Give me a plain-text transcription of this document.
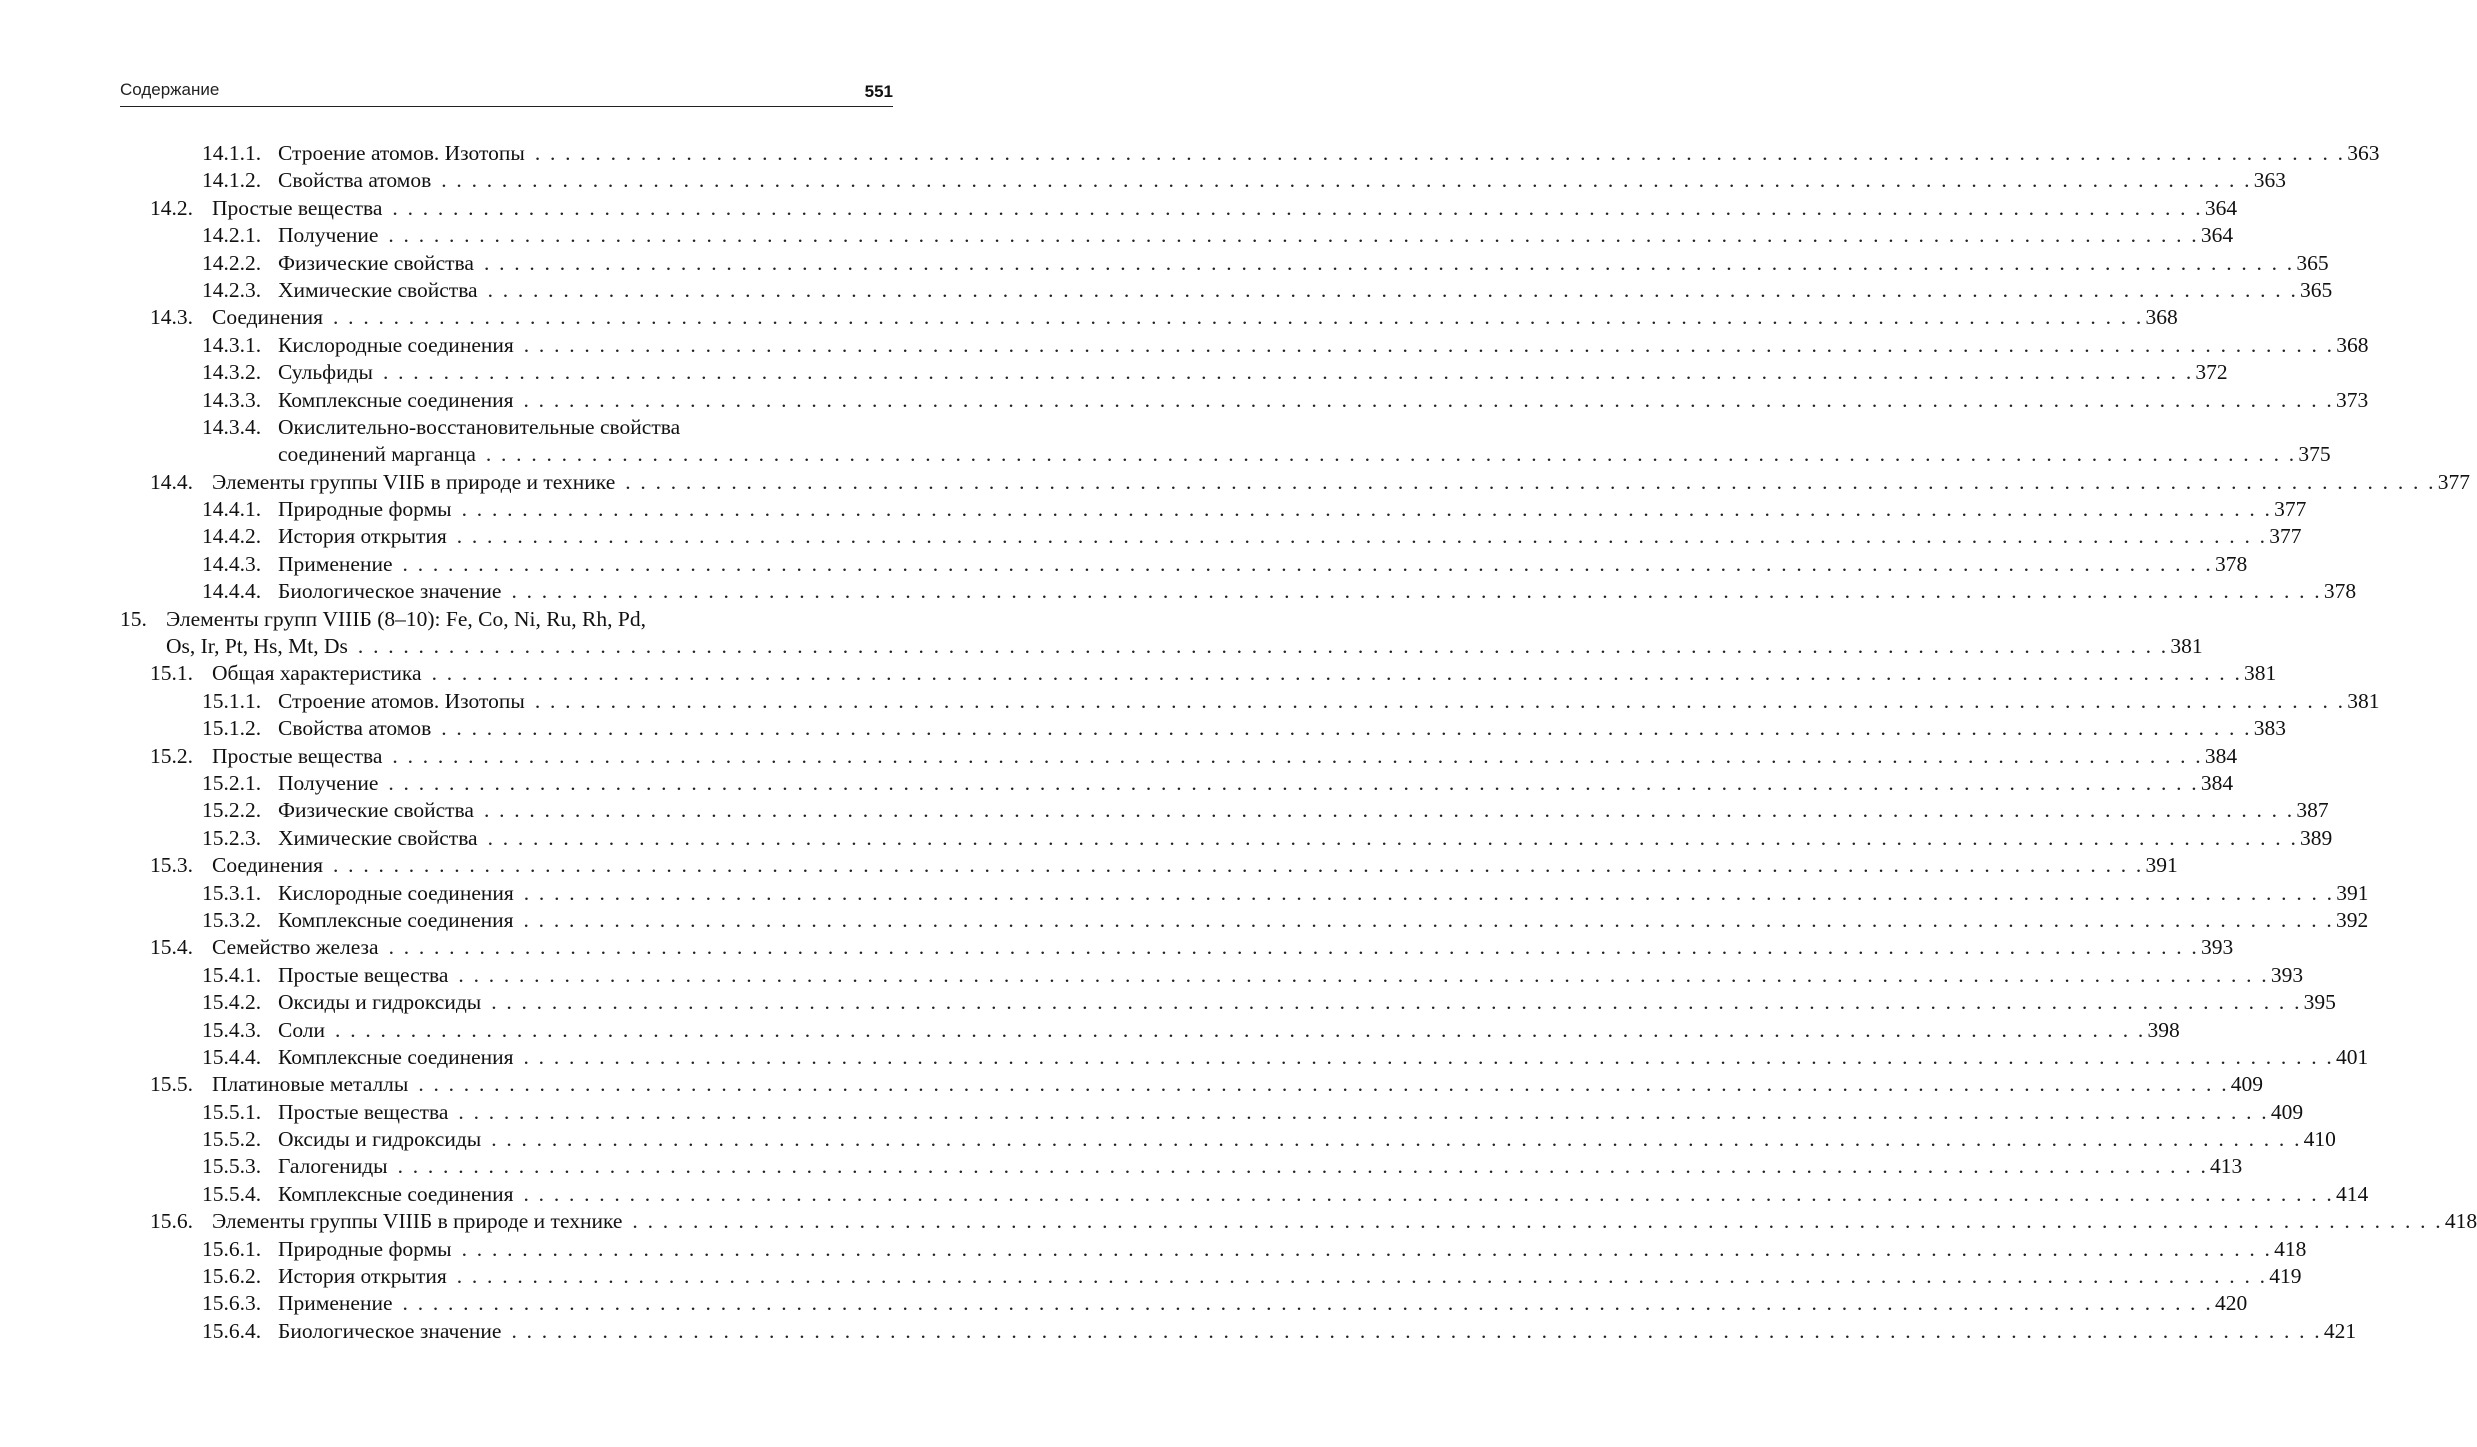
Содержание	551
14.1.1. Строение атомов. Изотопы . . . . . . . . . . . . . . . . . . . . . . . . . . . . . . . . . . . . . . . . . . . . . . . . . . . . . . . . . . . . . . . . . . . . . . . . . . . . . . . . . . . . . . . . . . . . . . . . . . . . . . . . . . . . . . . . . . . . . . . . 363
14.1.2. Свойства атомов . . . . . . . . . . . . . . . . . . . . . . . . . . . . . . . . . . . . . . . . . . . . . . . . . . . . . . . . . . . . . . . . . . . . . . . . . . . . . . . . . . . . . . . . . . . . . . . . . . . . . . . . . . . . . . . . . . . . . . . . 363
14.2. Простые вещества . . . . . . . . . . . . . . . . . . . . . . . . . . . . . . . . . . . . . . . . . . . . . . . . . . . . . . . . . . . . . . . . . . . . . . . . . . . . . . . . . . . . . . . . . . . . . . . . . . . . . . . . . . . . . . . . . . . . . . . . 364
14.2.1. Получение . . . . . . . . . . . . . . . . . . . . . . . . . . . . . . . . . . . . . . . . . . . . . . . . . . . . . . . . . . . . . . . . . . . . . . . . . . . . . . . . . . . . . . . . . . . . . . . . . . . . . . . . . . . . . . . . . . . . . . . . 364
14.2.2. Физические свойства . . . . . . . . . . . . . . . . . . . . . . . . . . . . . . . . . . . . . . . . . . . . . . . . . . . . . . . . . . . . . . . . . . . . . . . . . . . . . . . . . . . . . . . . . . . . . . . . . . . . . . . . . . . . . . . . . . . . . . . . 365
14.2.3. Химические свойства . . . . . . . . . . . . . . . . . . . . . . . . . . . . . . . . . . . . . . . . . . . . . . . . . . . . . . . . . . . . . . . . . . . . . . . . . . . . . . . . . . . . . . . . . . . . . . . . . . . . . . . . . . . . . . . . . . . . . . . . 365
14.3. Соединения . . . . . . . . . . . . . . . . . . . . . . . . . . . . . . . . . . . . . . . . . . . . . . . . . . . . . . . . . . . . . . . . . . . . . . . . . . . . . . . . . . . . . . . . . . . . . . . . . . . . . . . . . . . . . . . . . . . . . . . . 368
14.3.1. Кислородные соединения . . . . . . . . . . . . . . . . . . . . . . . . . . . . . . . . . . . . . . . . . . . . . . . . . . . . . . . . . . . . . . . . . . . . . . . . . . . . . . . . . . . . . . . . . . . . . . . . . . . . . . . . . . . . . . . . . . . . . . . . 368
14.3.2. Сульфиды . . . . . . . . . . . . . . . . . . . . . . . . . . . . . . . . . . . . . . . . . . . . . . . . . . . . . . . . . . . . . . . . . . . . . . . . . . . . . . . . . . . . . . . . . . . . . . . . . . . . . . . . . . . . . . . . . . . . . . . . 372
14.3.3. Комплексные соединения . . . . . . . . . . . . . . . . . . . . . . . . . . . . . . . . . . . . . . . . . . . . . . . . . . . . . . . . . . . . . . . . . . . . . . . . . . . . . . . . . . . . . . . . . . . . . . . . . . . . . . . . . . . . . . . . . . . . . . . . 373
14.3.4. Окислительно-восстановительные свойства
соединений марганца . . . . . . . . . . . . . . . . . . . . . . . . . . . . . . . . . . . . . . . . . . . . . . . . . . . . . . . . . . . . . . . . . . . . . . . . . . . . . . . . . . . . . . . . . . . . . . . . . . . . . . . . . . . . . . . . . . . . . . . . 375
14.4. Элементы группы VIIБ в природе и технике . . . . . . . . . . . . . . . . . . . . . . . . . . . . . . . . . . . . . . . . . . . . . . . . . . . . . . . . . . . . . . . . . . . . . . . . . . . . . . . . . . . . . . . . . . . . . . . . . . . . . . . . . . . . . . . . . . . . . . . . 377
14.4.1. Природные формы . . . . . . . . . . . . . . . . . . . . . . . . . . . . . . . . . . . . . . . . . . . . . . . . . . . . . . . . . . . . . . . . . . . . . . . . . . . . . . . . . . . . . . . . . . . . . . . . . . . . . . . . . . . . . . . . . . . . . . . . 377
14.4.2. История открытия . . . . . . . . . . . . . . . . . . . . . . . . . . . . . . . . . . . . . . . . . . . . . . . . . . . . . . . . . . . . . . . . . . . . . . . . . . . . . . . . . . . . . . . . . . . . . . . . . . . . . . . . . . . . . . . . . . . . . . . . 377
14.4.3. Применение . . . . . . . . . . . . . . . . . . . . . . . . . . . . . . . . . . . . . . . . . . . . . . . . . . . . . . . . . . . . . . . . . . . . . . . . . . . . . . . . . . . . . . . . . . . . . . . . . . . . . . . . . . . . . . . . . . . . . . . . 378
14.4.4. Биологическое значение . . . . . . . . . . . . . . . . . . . . . . . . . . . . . . . . . . . . . . . . . . . . . . . . . . . . . . . . . . . . . . . . . . . . . . . . . . . . . . . . . . . . . . . . . . . . . . . . . . . . . . . . . . . . . . . . . . . . . . . . 378
15. Элементы групп VIIIБ (8–10): Fe, Co, Ni, Ru, Rh, Pd,
Os, Ir, Pt, Hs, Mt, Ds . . . . . . . . . . . . . . . . . . . . . . . . . . . . . . . . . . . . . . . . . . . . . . . . . . . . . . . . . . . . . . . . . . . . . . . . . . . . . . . . . . . . . . . . . . . . . . . . . . . . . . . . . . . . . . . . . . . . . . . . 381
15.1. Общая характеристика . . . . . . . . . . . . . . . . . . . . . . . . . . . . . . . . . . . . . . . . . . . . . . . . . . . . . . . . . . . . . . . . . . . . . . . . . . . . . . . . . . . . . . . . . . . . . . . . . . . . . . . . . . . . . . . . . . . . . . . . 381
15.1.1. Строение атомов. Изотопы . . . . . . . . . . . . . . . . . . . . . . . . . . . . . . . . . . . . . . . . . . . . . . . . . . . . . . . . . . . . . . . . . . . . . . . . . . . . . . . . . . . . . . . . . . . . . . . . . . . . . . . . . . . . . . . . . . . . . . . . 381
15.1.2. Свойства атомов . . . . . . . . . . . . . . . . . . . . . . . . . . . . . . . . . . . . . . . . . . . . . . . . . . . . . . . . . . . . . . . . . . . . . . . . . . . . . . . . . . . . . . . . . . . . . . . . . . . . . . . . . . . . . . . . . . . . . . . . 383
15.2. Простые вещества . . . . . . . . . . . . . . . . . . . . . . . . . . . . . . . . . . . . . . . . . . . . . . . . . . . . . . . . . . . . . . . . . . . . . . . . . . . . . . . . . . . . . . . . . . . . . . . . . . . . . . . . . . . . . . . . . . . . . . . . 384
15.2.1. Получение . . . . . . . . . . . . . . . . . . . . . . . . . . . . . . . . . . . . . . . . . . . . . . . . . . . . . . . . . . . . . . . . . . . . . . . . . . . . . . . . . . . . . . . . . . . . . . . . . . . . . . . . . . . . . . . . . . . . . . . . 384
15.2.2. Физические свойства . . . . . . . . . . . . . . . . . . . . . . . . . . . . . . . . . . . . . . . . . . . . . . . . . . . . . . . . . . . . . . . . . . . . . . . . . . . . . . . . . . . . . . . . . . . . . . . . . . . . . . . . . . . . . . . . . . . . . . . . 387
15.2.3. Химические свойства . . . . . . . . . . . . . . . . . . . . . . . . . . . . . . . . . . . . . . . . . . . . . . . . . . . . . . . . . . . . . . . . . . . . . . . . . . . . . . . . . . . . . . . . . . . . . . . . . . . . . . . . . . . . . . . . . . . . . . . . 389
15.3. Соединения . . . . . . . . . . . . . . . . . . . . . . . . . . . . . . . . . . . . . . . . . . . . . . . . . . . . . . . . . . . . . . . . . . . . . . . . . . . . . . . . . . . . . . . . . . . . . . . . . . . . . . . . . . . . . . . . . . . . . . . . 391
15.3.1. Кислородные соединения . . . . . . . . . . . . . . . . . . . . . . . . . . . . . . . . . . . . . . . . . . . . . . . . . . . . . . . . . . . . . . . . . . . . . . . . . . . . . . . . . . . . . . . . . . . . . . . . . . . . . . . . . . . . . . . . . . . . . . . . 391
15.3.2. Комплексные соединения . . . . . . . . . . . . . . . . . . . . . . . . . . . . . . . . . . . . . . . . . . . . . . . . . . . . . . . . . . . . . . . . . . . . . . . . . . . . . . . . . . . . . . . . . . . . . . . . . . . . . . . . . . . . . . . . . . . . . . . . 392
15.4. Семейство железа . . . . . . . . . . . . . . . . . . . . . . . . . . . . . . . . . . . . . . . . . . . . . . . . . . . . . . . . . . . . . . . . . . . . . . . . . . . . . . . . . . . . . . . . . . . . . . . . . . . . . . . . . . . . . . . . . . . . . . . . 393
15.4.1. Простые вещества . . . . . . . . . . . . . . . . . . . . . . . . . . . . . . . . . . . . . . . . . . . . . . . . . . . . . . . . . . . . . . . . . . . . . . . . . . . . . . . . . . . . . . . . . . . . . . . . . . . . . . . . . . . . . . . . . . . . . . . . 393
15.4.2. Оксиды и гидроксиды . . . . . . . . . . . . . . . . . . . . . . . . . . . . . . . . . . . . . . . . . . . . . . . . . . . . . . . . . . . . . . . . . . . . . . . . . . . . . . . . . . . . . . . . . . . . . . . . . . . . . . . . . . . . . . . . . . . . . . . . 395
15.4.3. Соли . . . . . . . . . . . . . . . . . . . . . . . . . . . . . . . . . . . . . . . . . . . . . . . . . . . . . . . . . . . . . . . . . . . . . . . . . . . . . . . . . . . . . . . . . . . . . . . . . . . . . . . . . . . . . . . . . . . . . . . . 398
15.4.4. Комплексные соединения . . . . . . . . . . . . . . . . . . . . . . . . . . . . . . . . . . . . . . . . . . . . . . . . . . . . . . . . . . . . . . . . . . . . . . . . . . . . . . . . . . . . . . . . . . . . . . . . . . . . . . . . . . . . . . . . . . . . . . . . 401
15.5. Платиновые металлы . . . . . . . . . . . . . . . . . . . . . . . . . . . . . . . . . . . . . . . . . . . . . . . . . . . . . . . . . . . . . . . . . . . . . . . . . . . . . . . . . . . . . . . . . . . . . . . . . . . . . . . . . . . . . . . . . . . . . . . . 409
15.5.1. Простые вещества . . . . . . . . . . . . . . . . . . . . . . . . . . . . . . . . . . . . . . . . . . . . . . . . . . . . . . . . . . . . . . . . . . . . . . . . . . . . . . . . . . . . . . . . . . . . . . . . . . . . . . . . . . . . . . . . . . . . . . . . 409
15.5.2. Оксиды и гидроксиды . . . . . . . . . . . . . . . . . . . . . . . . . . . . . . . . . . . . . . . . . . . . . . . . . . . . . . . . . . . . . . . . . . . . . . . . . . . . . . . . . . . . . . . . . . . . . . . . . . . . . . . . . . . . . . . . . . . . . . . . 410
15.5.3. Галогениды . . . . . . . . . . . . . . . . . . . . . . . . . . . . . . . . . . . . . . . . . . . . . . . . . . . . . . . . . . . . . . . . . . . . . . . . . . . . . . . . . . . . . . . . . . . . . . . . . . . . . . . . . . . . . . . . . . . . . . . . 413
15.5.4. Комплексные соединения . . . . . . . . . . . . . . . . . . . . . . . . . . . . . . . . . . . . . . . . . . . . . . . . . . . . . . . . . . . . . . . . . . . . . . . . . . . . . . . . . . . . . . . . . . . . . . . . . . . . . . . . . . . . . . . . . . . . . . . . 414
15.6. Элементы группы VIIIБ в природе и технике . . . . . . . . . . . . . . . . . . . . . . . . . . . . . . . . . . . . . . . . . . . . . . . . . . . . . . . . . . . . . . . . . . . . . . . . . . . . . . . . . . . . . . . . . . . . . . . . . . . . . . . . . . . . . . . . . . . . . . . . 418
15.6.1. Природные формы . . . . . . . . . . . . . . . . . . . . . . . . . . . . . . . . . . . . . . . . . . . . . . . . . . . . . . . . . . . . . . . . . . . . . . . . . . . . . . . . . . . . . . . . . . . . . . . . . . . . . . . . . . . . . . . . . . . . . . . . 418
15.6.2. История открытия . . . . . . . . . . . . . . . . . . . . . . . . . . . . . . . . . . . . . . . . . . . . . . . . . . . . . . . . . . . . . . . . . . . . . . . . . . . . . . . . . . . . . . . . . . . . . . . . . . . . . . . . . . . . . . . . . . . . . . . . 419
15.6.3. Применение . . . . . . . . . . . . . . . . . . . . . . . . . . . . . . . . . . . . . . . . . . . . . . . . . . . . . . . . . . . . . . . . . . . . . . . . . . . . . . . . . . . . . . . . . . . . . . . . . . . . . . . . . . . . . . . . . . . . . . . . 420
15.6.4. Биологическое значение . . . . . . . . . . . . . . . . . . . . . . . . . . . . . . . . . . . . . . . . . . . . . . . . . . . . . . . . . . . . . . . . . . . . . . . . . . . . . . . . . . . . . . . . . . . . . . . . . . . . . . . . . . . . . . . . . . . . . . . . 421
